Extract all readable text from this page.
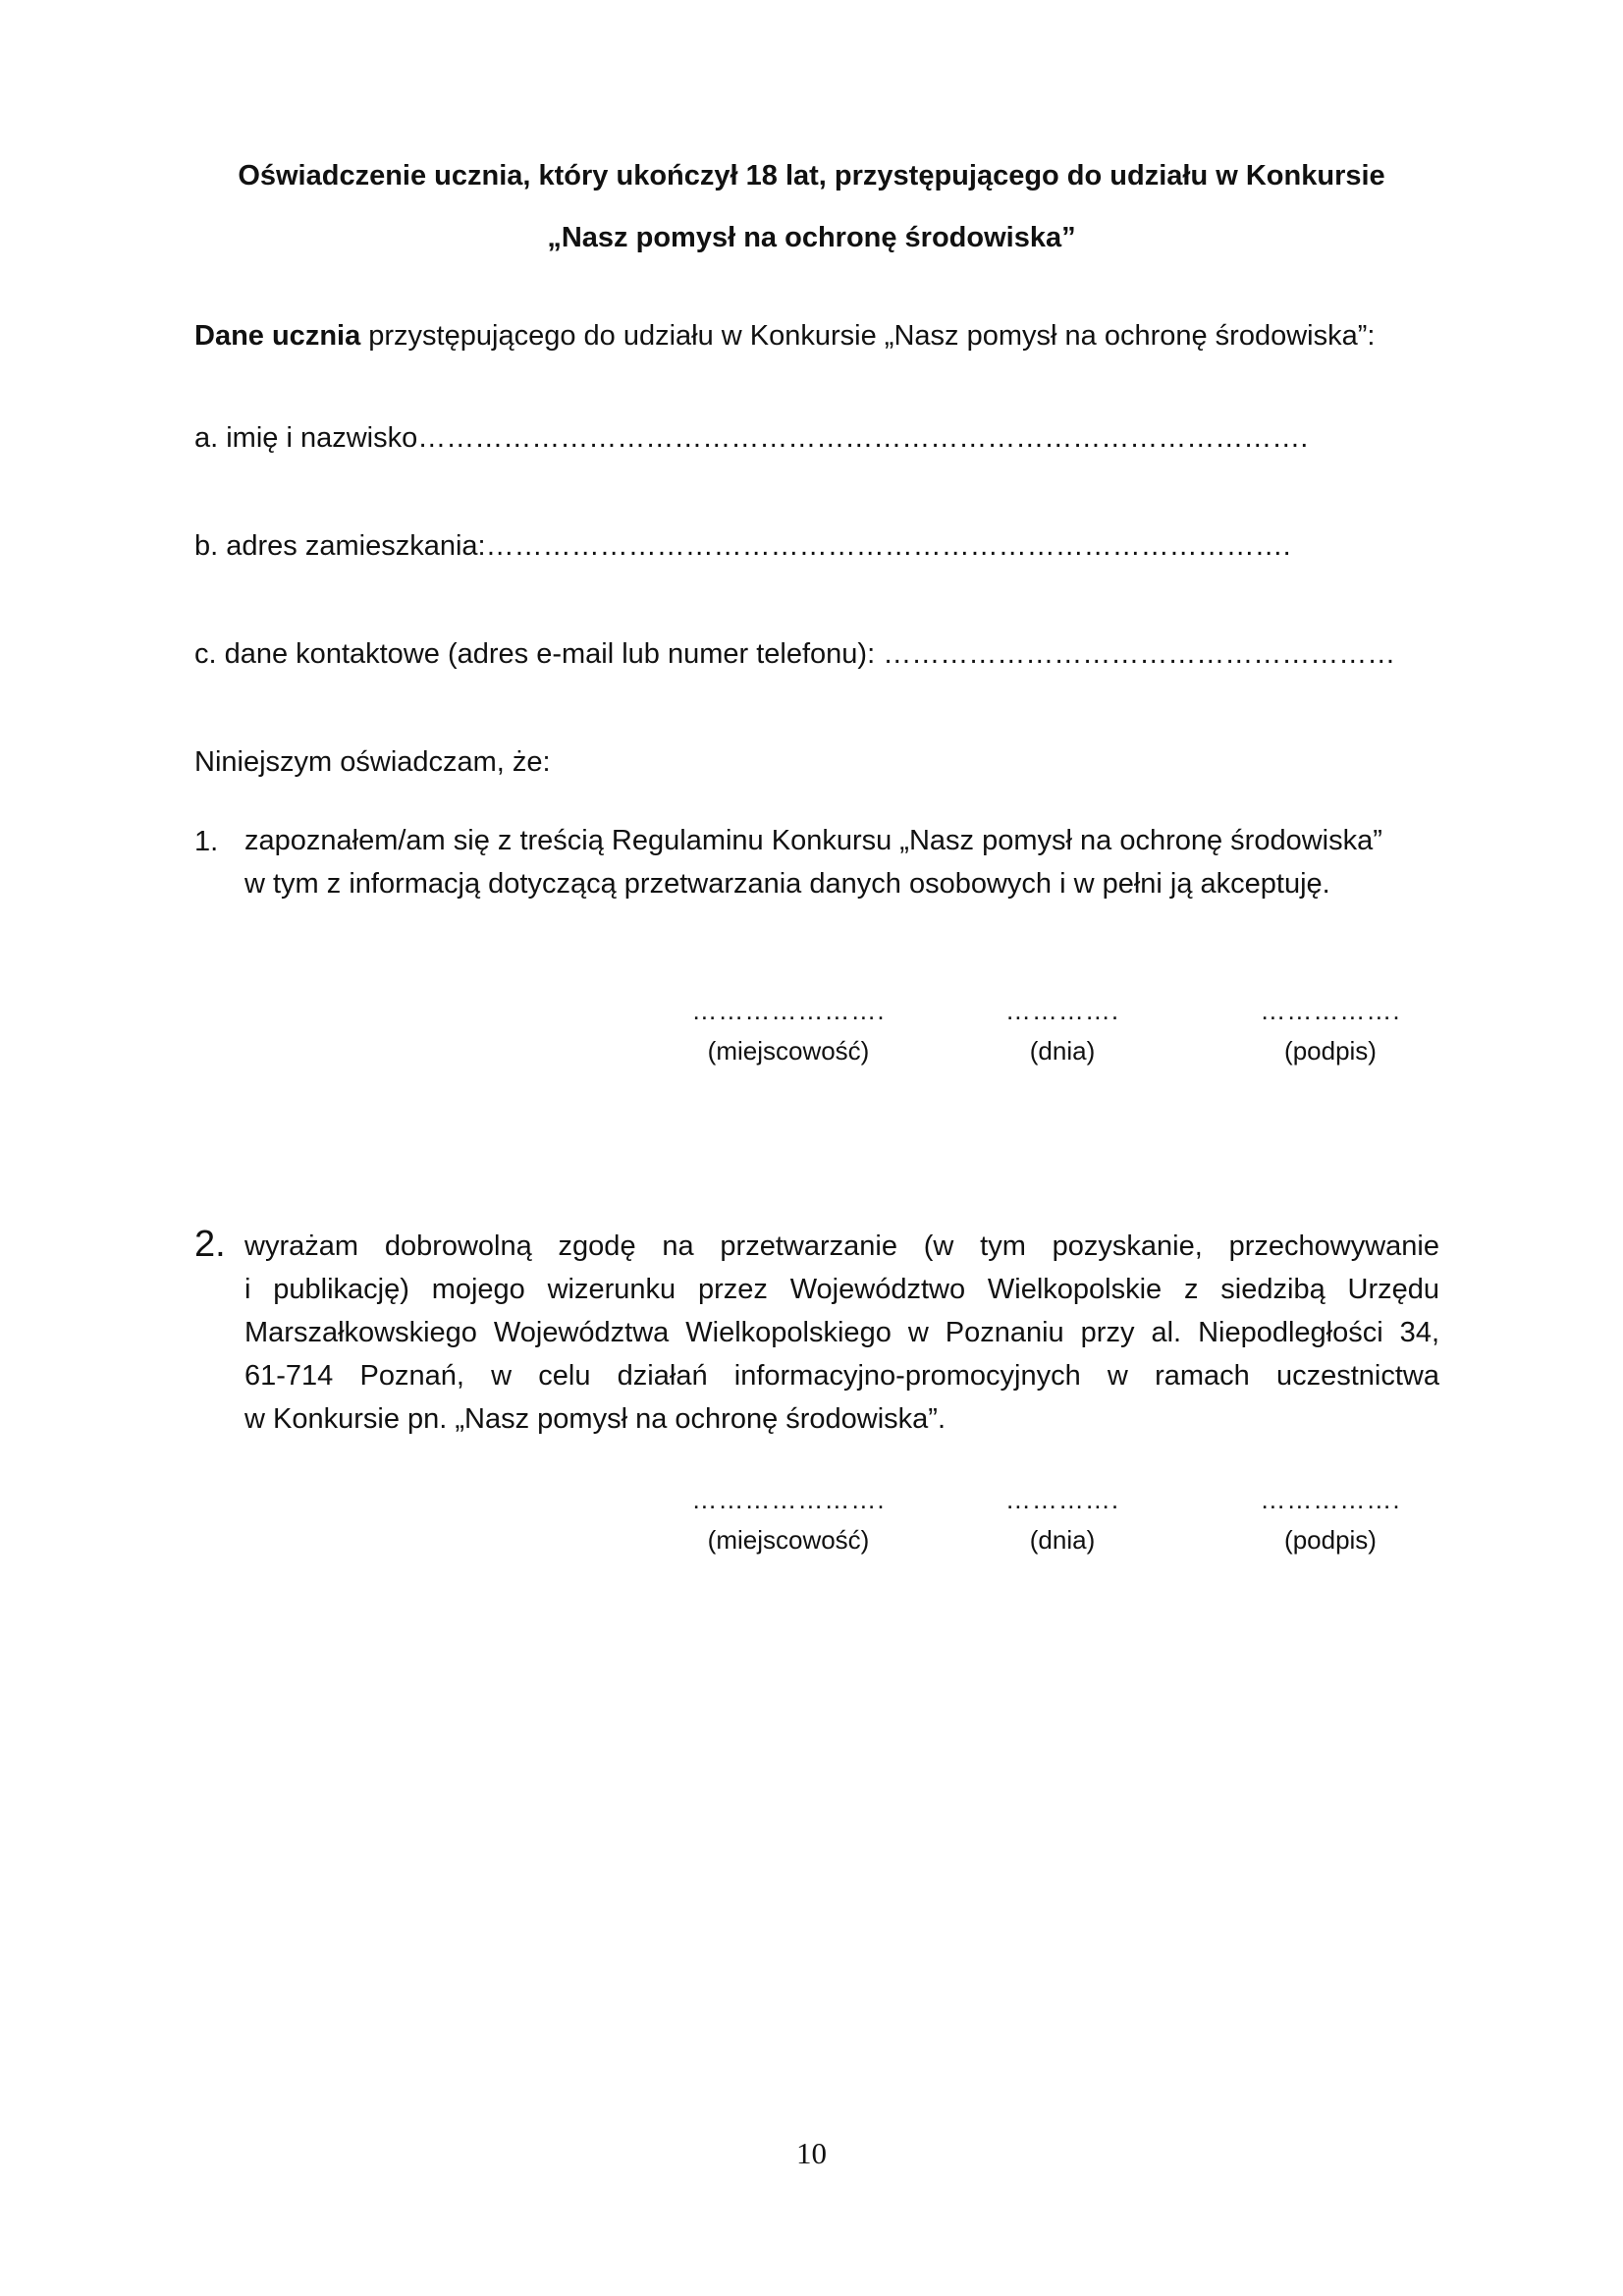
Oświadczenie ucznia, który ukończył 18 lat, przystępującego do udziału w Konkursie
„Nasz pomysł na ochronę środowiska”
Dane ucznia przystępującego do udziału w Konkursie „Nasz pomysł na ochronę środowiska”:
a. imię i nazwisko………………………………………………………………………………….
b. adres zamieszkania:………………………………………………………………………….
c. dane kontaktowe (adres e-mail lub numer telefonu): ………………………………………………
Niniejszym oświadczam, że:
1. zapoznałem/am się z treścią Regulaminu Konkursu „Nasz pomysł na ochronę środowiska”
w tym z informacją dotyczącą przetwarzania danych osobowych i w pełni ją akceptuję.
………………….	………….	…………….
(miejscowość)	(dnia)	(podpis)
2. wyrażam dobrowolną zgodę na przetwarzanie (w tym pozyskanie, przechowywanie
i publikację) mojego wizerunku przez Województwo Wielkopolskie z siedzibą Urzędu
Marszałkowskiego Województwa Wielkopolskiego w Poznaniu przy al. Niepodległości 34,
61-714 Poznań, w celu działań informacyjno-promocyjnych w ramach uczestnictwa
w Konkursie pn. „Nasz pomysł na ochronę środowiska”.
………………….	………….	…………….
(miejscowość)	(dnia)	(podpis)
10
